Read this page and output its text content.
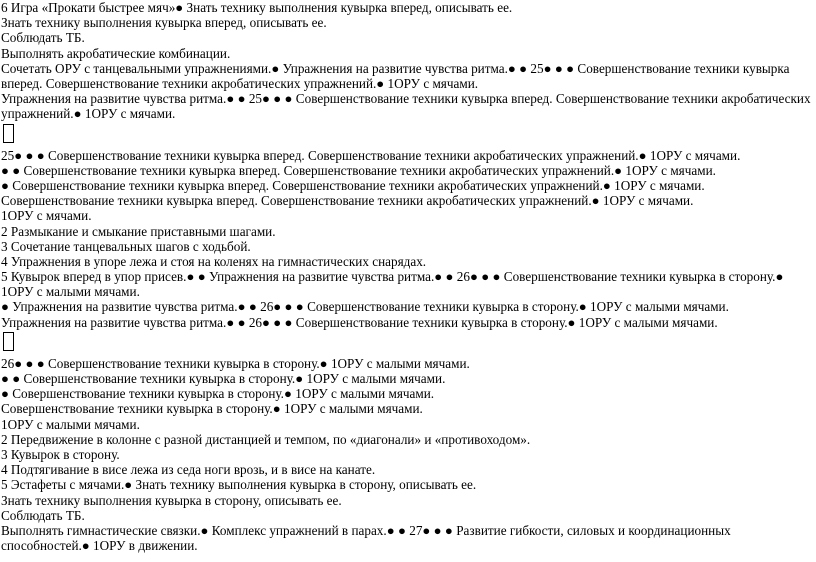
6 Игра «Прокати быстрее мяч»● Знать технику выполнения кувырка вперед, описывать ее.
Знать технику выполнения кувырка вперед, описывать ее.
Соблюдать ТБ.
Выполнять акробатические комбинации.
Сочетать ОРУ с танцевальными упражнениями.● Упражнения на развитие чувства ритма.● ● 25● ● ● Совершенствование техники кувырка вперед. Совершенствование техники акробатических упражнений.● 1ОРУ с мячами.
Упражнения на развитие чувства ритма.● ● 25● ● ● Совершенствование техники кувырка вперед. Совершенствование техники акробатических упражнений.● 1ОРУ с мячами.
25● ● ● Совершенствование техники кувырка вперед. Совершенствование техники акробатических упражнений.● 1ОРУ с мячами.
● ● Совершенствование техники кувырка вперед. Совершенствование техники акробатических упражнений.● 1ОРУ с мячами.
● Совершенствование техники кувырка вперед. Совершенствование техники акробатических упражнений.● 1ОРУ с мячами.
Совершенствование техники кувырка вперед. Совершенствование техники акробатических упражнений.● 1ОРУ с мячами.
1ОРУ с мячами.
2 Размыкание и смыкание приставными шагами.
3 Сочетание танцевальных шагов с ходьбой.
4 Упражнения в упоре лежа и стоя на коленях на гимнастических снарядах.
5 Кувырок вперед в упор присев.● ● Упражнения на развитие чувства ритма.● ● 26● ● ● Совершенствование техники кувырка в сторону.● 1ОРУ с малыми мячами.
● Упражнения на развитие чувства ритма.● ● 26● ● ● Совершенствование техники кувырка в сторону.● 1ОРУ с малыми мячами.
Упражнения на развитие чувства ритма.● ● 26● ● ● Совершенствование техники кувырка в сторону.● 1ОРУ с малыми мячами.
26● ● ● Совершенствование техники кувырка в сторону.● 1ОРУ с малыми мячами.
● ● Совершенствование техники кувырка в сторону.● 1ОРУ с малыми мячами.
● Совершенствование техники кувырка в сторону.● 1ОРУ с малыми мячами.
Совершенствование техники кувырка в сторону.● 1ОРУ с малыми мячами.
1ОРУ с малыми мячами.
2 Передвижение в колонне с разной дистанцией и темпом, по «диагонали» и «противоходом».
3 Кувырок в сторону.
4 Подтягивание в висе лежа из седа ноги врозь, и в висе на канате.
5 Эстафеты с мячами.● Знать технику выполнения кувырка в сторону, описывать ее.
Знать технику выполнения кувырка в сторону, описывать ее.
Соблюдать ТБ.
Выполнять гимнастические связки.● Комплекс упражнений в парах.● ● 27● ● ● Развитие гибкости, силовых и координационных способностей.● 1ОРУ в движении.
